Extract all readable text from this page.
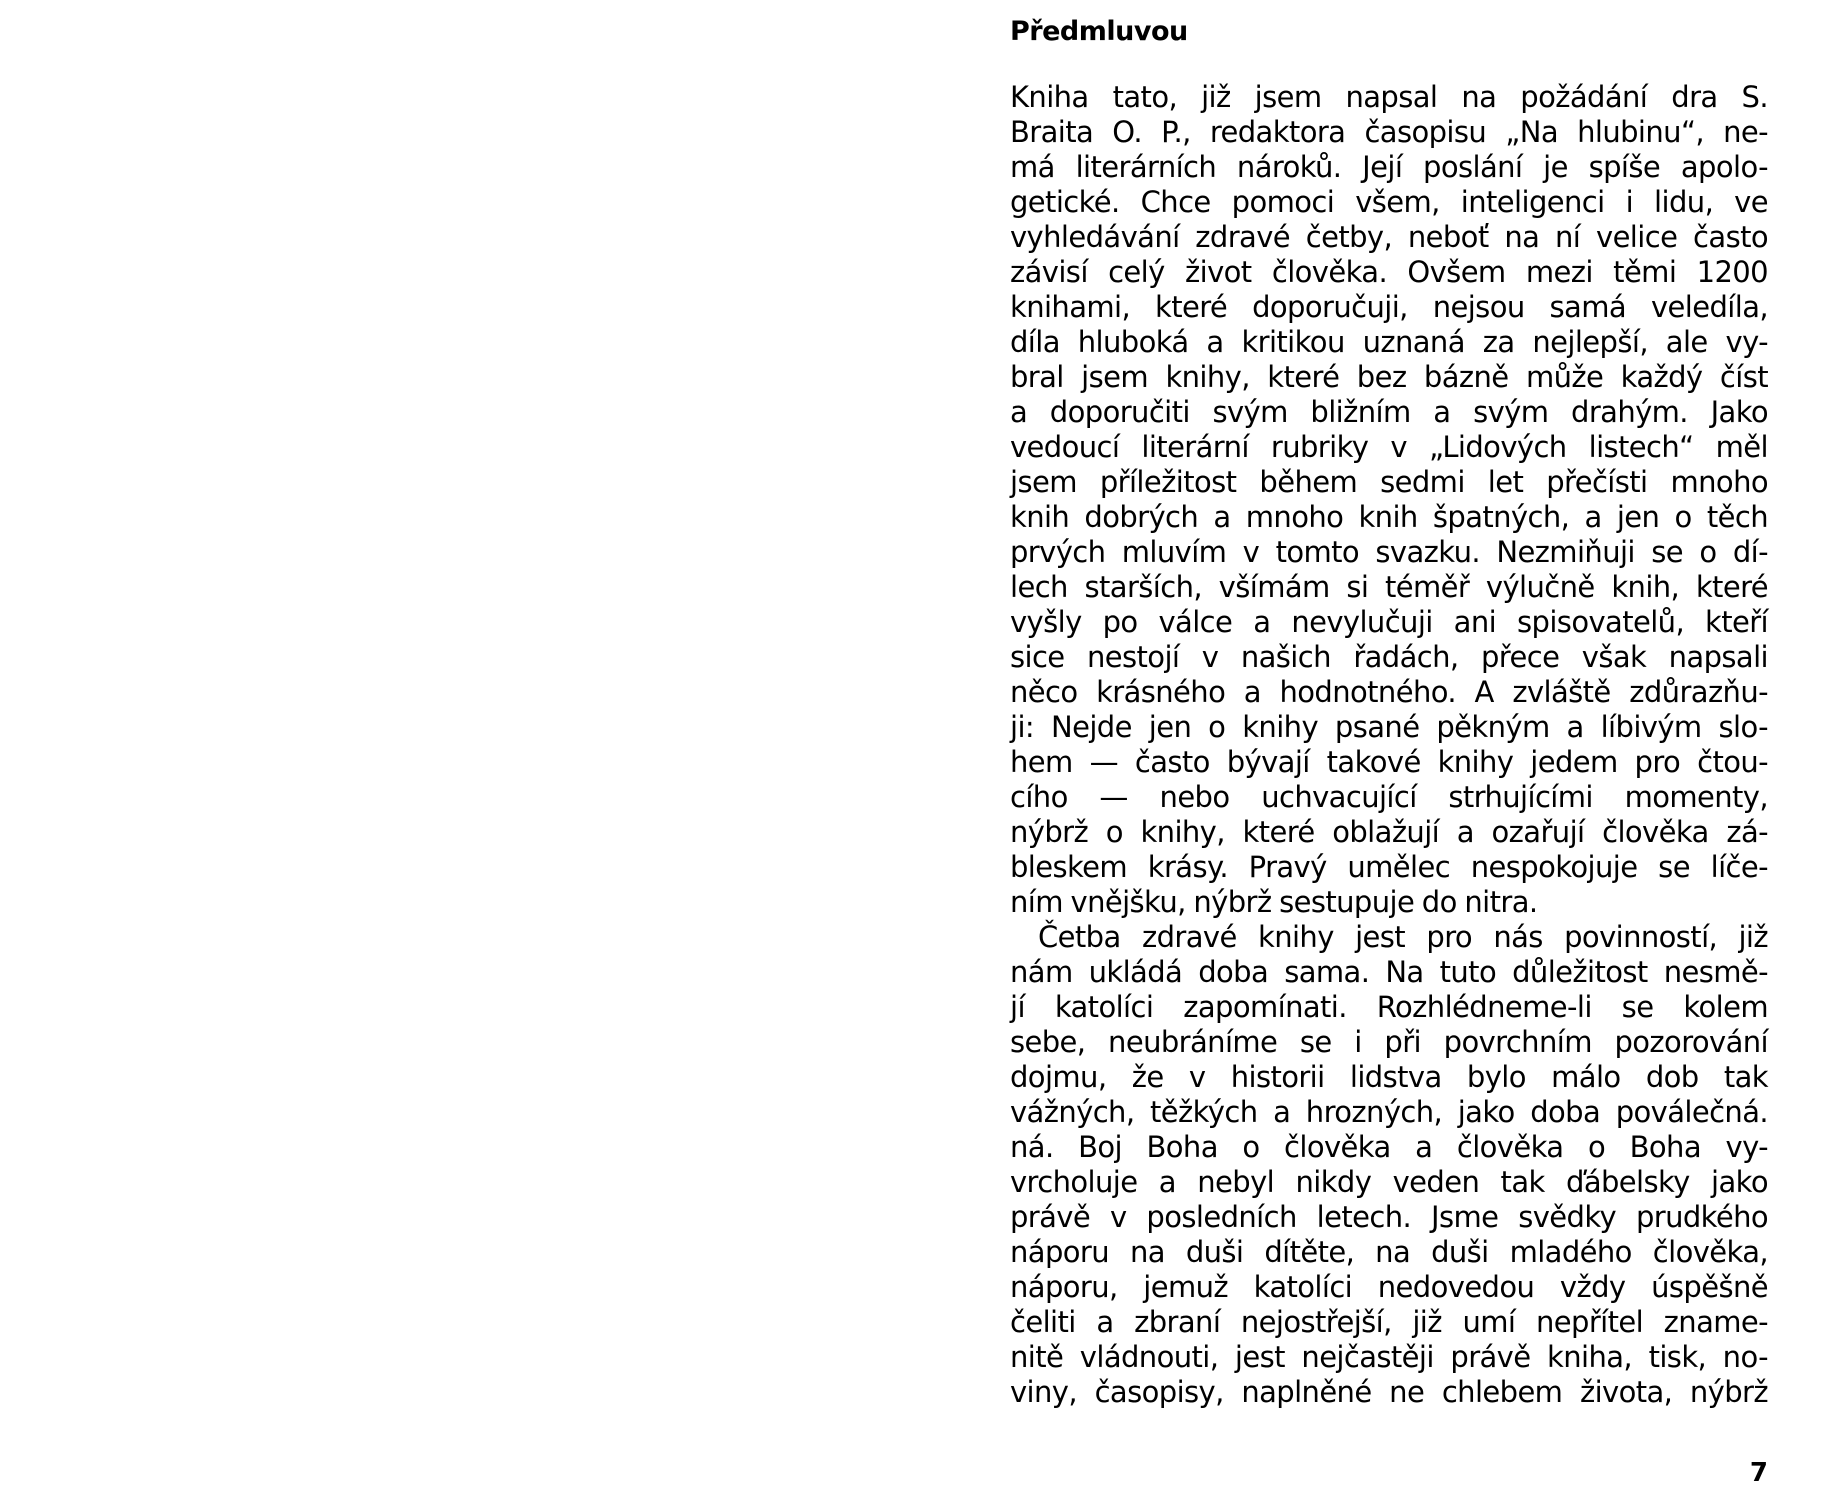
Předmluvou
Kniha tato, již jsem napsal na požádání dra S.
Braita O. P., redaktora časopisu „Na hlubinu“, ne-
má literárních nároků. Její poslání je spíše apolo-
getické. Chce pomoci všem, inteligenci i lidu, ve
vyhledávání zdravé četby, neboť na ní velice často
závisí celý život člověka. Ovšem mezi těmi 1200
knihami, které doporučuji, nejsou samá veledíla,
díla hluboká a kritikou uznaná za nejlepší, ale vy-
bral jsem knihy, které bez bázně může každý číst
a doporučiti svým bližním a svým drahým. Jako
vedoucí literární rubriky v „Lidových listech“ měl
jsem příležitost během sedmi let přečísti mnoho
knih dobrých a mnoho knih špatných, a jen o těch
prvých mluvím v tomto svazku. Nezmiňuji se o dí-
lech starších, všímám si téměř výlučně knih, které
vyšly po válce a nevylučuji ani spisovatelů, kteří
sice nestojí v našich řadách, přece však napsali
něco krásného a hodnotného. A zvláště zdůrazňu-
ji: Nejde jen o knihy psané pěkným a líbivým slo-
hem — často bývají takové knihy jedem pro čtou-
cího — nebo uchvacující strhujícími momenty,
nýbrž o knihy, které oblažují a ozařují člověka zá-
bleskem krásy. Pravý umělec nespokojuje se líče-
ním vnějšku, nýbrž sestupuje do nitra.
Četba zdravé knihy jest pro nás povinností, již
nám ukládá doba sama. Na tuto důležitost nesmě-
jí katolíci zapomínati. Rozhlédneme-li se kolem
sebe, neubráníme se i při povrchním pozorování
dojmu, že v historii lidstva bylo málo dob tak
vážných, těžkých a hrozných, jako doba poválečná.
ná. Boj Boha o člověka a člověka o Boha vy-
vrcholuje a nebyl nikdy veden tak ďábelsky jako
právě v posledních letech. Jsme svědky prudkého
náporu na duši dítěte, na duši mladého člověka,
náporu, jemuž katolíci nedovedou vždy úspěšně
čeliti a zbraní nejostřejší, již umí nepřítel zname-
nitě vládnouti, jest nejčastěji právě kniha, tisk, no-
viny, časopisy, naplněné ne chlebem života, nýbrž
7
